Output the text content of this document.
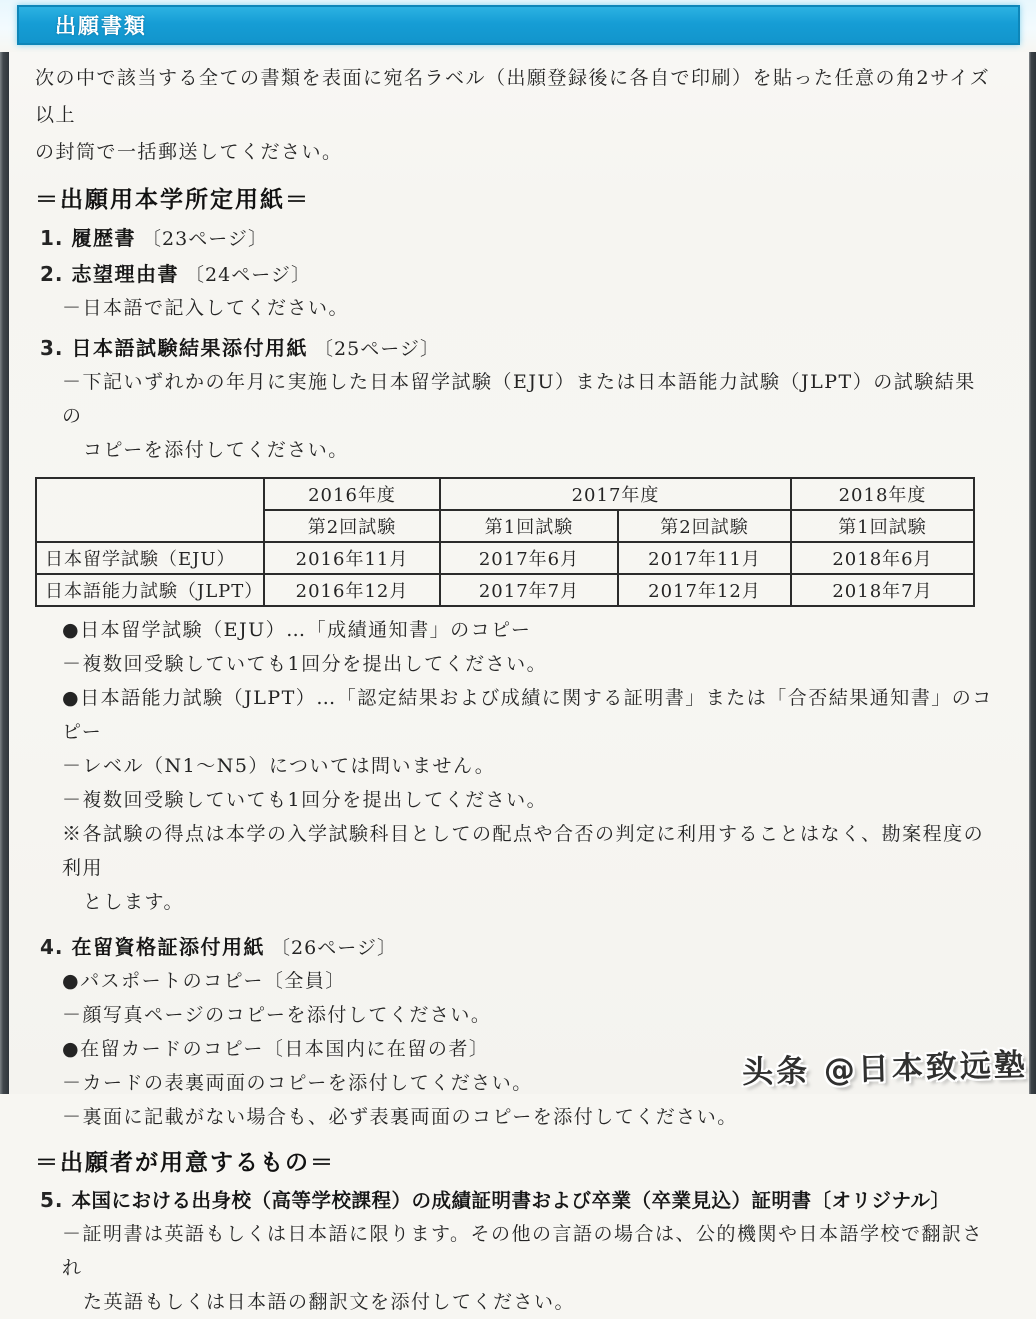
出願書類
次の中で該当する全ての書類を表面に宛名ラベル（出願登録後に各自で印刷）を貼った任意の角2サイズ以上
の封筒で一括郵送してください。
＝出願用本学所定用紙＝
1. 履歴書 〔23ページ〕
2. 志望理由書 〔24ページ〕
－日本語で記入してください。
3. 日本語試験結果添付用紙 〔25ページ〕
－下記いずれかの年月に実施した日本留学試験（EJU）または日本語能力試験（JLPT）の試験結果の
コピーを添付してください。
	2016年度	2017年度		2018年度
	第2回試験	第1回試験	第2回試験	第1回試験
日本留学試験（EJU）	2016年11月	2017年6月	2017年11月	2018年6月
日本語能力試験（JLPT）	2016年12月	2017年7月	2017年12月	2018年7月
●日本留学試験（EJU）…「成績通知書」のコピー
－複数回受験していても1回分を提出してください。
●日本語能力試験（JLPT）…「認定結果および成績に関する証明書」または「合否結果通知書」のコピー
－レベル（N1～N5）については問いません。
－複数回受験していても1回分を提出してください。
※各試験の得点は本学の入学試験科目としての配点や合否の判定に利用することはなく、勘案程度の利用
とします。
4. 在留資格証添付用紙 〔26ページ〕
●パスポートのコピー〔全員〕
－顔写真ページのコピーを添付してください。
●在留カードのコピー〔日本国内に在留の者〕
－カードの表裏両面のコピーを添付してください。
－裏面に記載がない場合も、必ず表裏両面のコピーを添付してください。
＝出願者が用意するもの＝
5. 本国における出身校（高等学校課程）の成績証明書および卒業（卒業見込）証明書〔オリジナル〕
－証明書は英語もしくは日本語に限ります。その他の言語の場合は、公的機関や日本語学校で翻訳され
た英語もしくは日本語の翻訳文を添付してください。
头条 @日本致远塾
